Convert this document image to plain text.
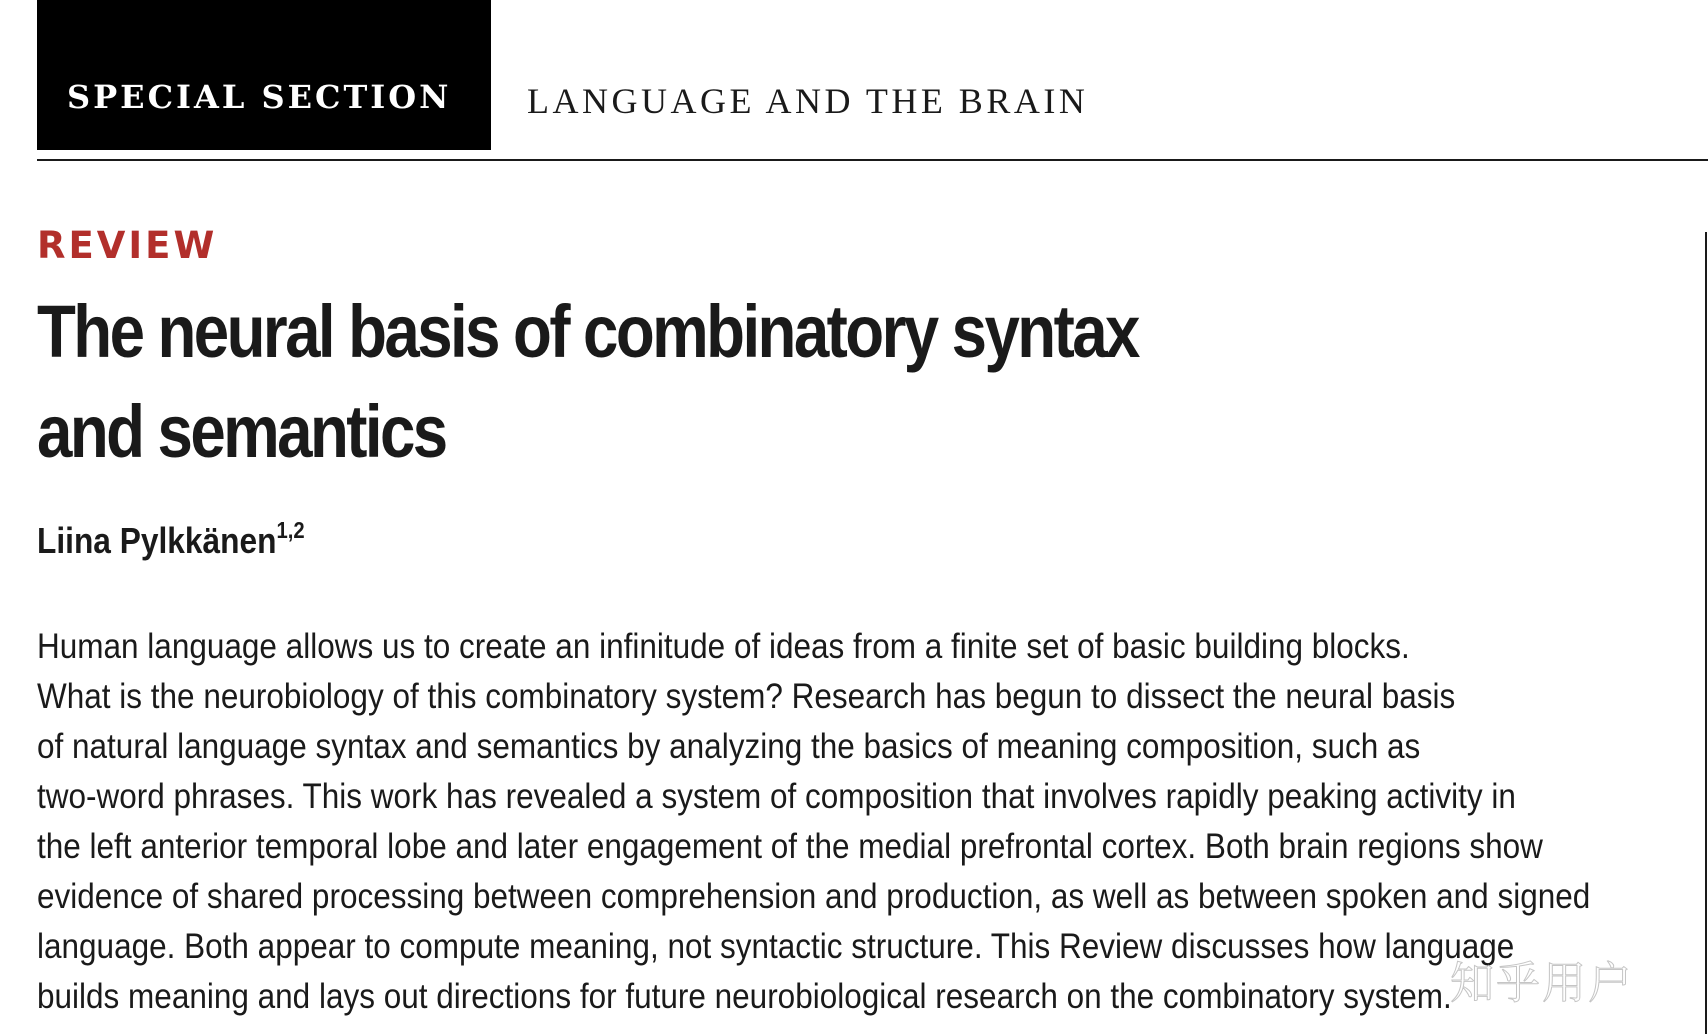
SPECIAL SECTION LANGUAGE AND THE BRAIN
REVIEW
The neural basis of combinatory syntax
and semantics
Liina Pylkkänen$^{1,2}$

Human language allows us to create an infinitude of ideas from a finite set of basic building blocks.
What is the neurobiology of this combinatory system? Research has begun to dissect the neural basis
of natural language syntax and semantics by analyzing the basics of meaning composition, such as
two-word phrases. This work has revealed a system of composition that involves rapidly peaking activity in
the left anterior temporal lobe and later engagement of the medial prefrontal cortex. Both brain regions show
evidence of shared processing between comprehension and production, as well as between spoken and signed
language. Both appear to compute meaning, not syntactic structure. This Review discusses how language
builds meaning and lays out directions for future neurobiological research on the combinatory system.

知乎用户
